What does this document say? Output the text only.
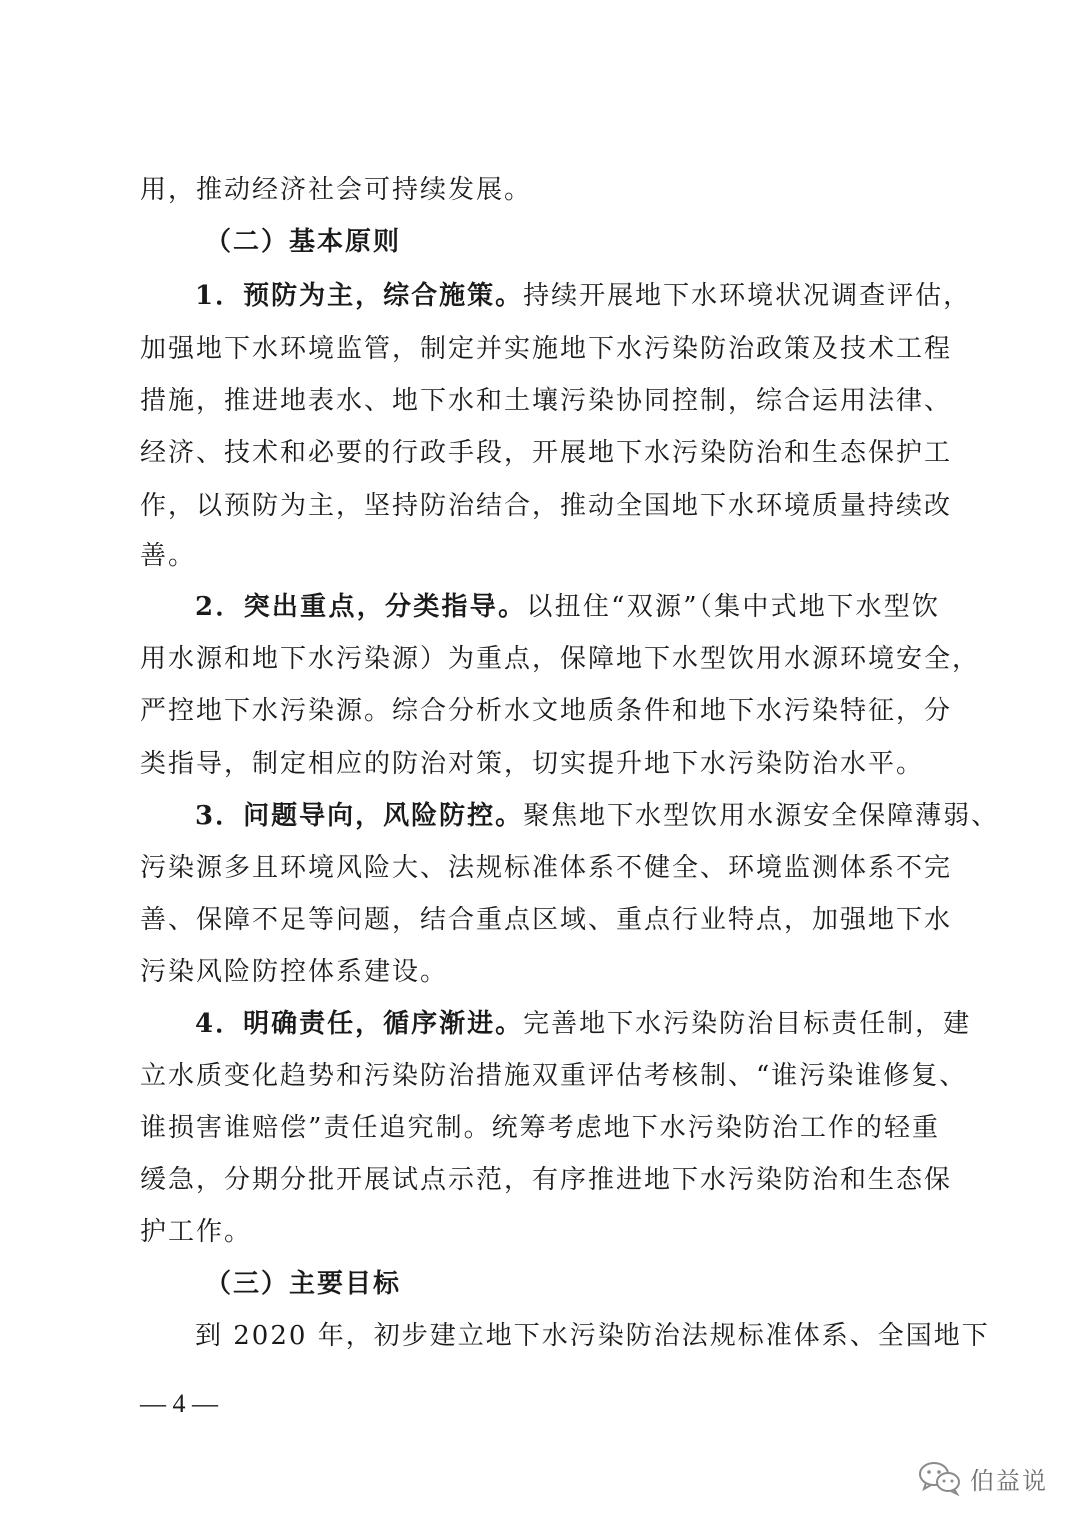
用，推动经济社会可持续发展。
（二）基本原则
1．预防为主，综合施策。持续开展地下水环境状况调查评估，
加强地下水环境监管，制定并实施地下水污染防治政策及技术工程
措施，推进地表水、地下水和土壤污染协同控制，综合运用法律、
经济、技术和必要的行政手段，开展地下水污染防治和生态保护工
作，以预防为主，坚持防治结合，推动全国地下水环境质量持续改
善。
2．突出重点，分类指导。以扭住“双源”（集中式地下水型饮
用水源和地下水污染源）为重点，保障地下水型饮用水源环境安全，
严控地下水污染源。综合分析水文地质条件和地下水污染特征，分
类指导，制定相应的防治对策，切实提升地下水污染防治水平。
3．问题导向，风险防控。聚焦地下水型饮用水源安全保障薄弱、
污染源多且环境风险大、法规标准体系不健全、环境监测体系不完
善、保障不足等问题，结合重点区域、重点行业特点，加强地下水
污染风险防控体系建设。
4．明确责任，循序渐进。完善地下水污染防治目标责任制，建
立水质变化趋势和污染防治措施双重评估考核制、“谁污染谁修复、
谁损害谁赔偿”责任追究制。统筹考虑地下水污染防治工作的轻重
缓急，分期分批开展试点示范，有序推进地下水污染防治和生态保
护工作。
（三）主要目标
到 2020 年，初步建立地下水污染防治法规标准体系、全国地下
— 4 —
伯益说
